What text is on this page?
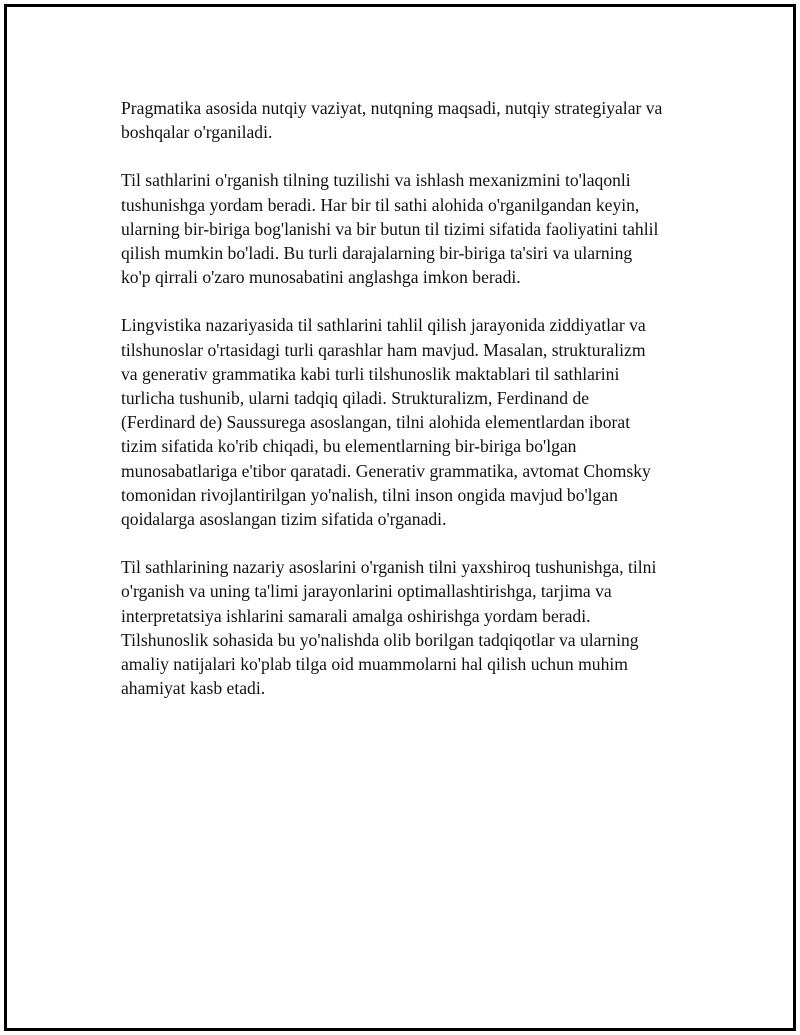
Pragmatika asosida nutqiy vaziyat, nutqning maqsadi, nutqiy strategiyalar va
boshqalar o'rganiladi.

Til sathlarini o'rganish tilning tuzilishi va ishlash mexanizmini to'laqonli
tushunishga yordam beradi. Har bir til sathi alohida o'rganilgandan keyin,
ularning bir-biriga bog'lanishi va bir butun til tizimi sifatida faoliyatini tahlil
qilish mumkin bo'ladi. Bu turli darajalarning bir-biriga ta'siri va ularning
ko'p qirrali o'zaro munosabatini anglashga imkon beradi.

Lingvistika nazariyasida til sathlarini tahlil qilish jarayonida ziddiyatlar va
tilshunoslar o'rtasidagi turli qarashlar ham mavjud. Masalan, strukturalizm
va generativ grammatika kabi turli tilshunoslik maktablari til sathlarini
turlicha tushunib, ularni tadqiq qiladi. Strukturalizm, Ferdinand de
(Ferdinard de) Saussurega asoslangan, tilni alohida elementlardan iborat
tizim sifatida ko'rib chiqadi, bu elementlarning bir-biriga bo'lgan
munosabatlariga e'tibor qaratadi. Generativ grammatika, avtomat Chomsky
tomonidan rivojlantirilgan yo'nalish, tilni inson ongida mavjud bo'lgan
qoidalarga asoslangan tizim sifatida o'rganadi.

Til sathlarining nazariy asoslarini o'rganish tilni yaxshiroq tushunishga, tilni
o'rganish va uning ta'limi jarayonlarini optimallashtirishga, tarjima va
interpretatsiya ishlarini samarali amalga oshirishga yordam beradi.
Tilshunoslik sohasida bu yo'nalishda olib borilgan tadqiqotlar va ularning
amaliy natijalari ko'plab tilga oid muammolarni hal qilish uchun muhim
ahamiyat kasb etadi.
